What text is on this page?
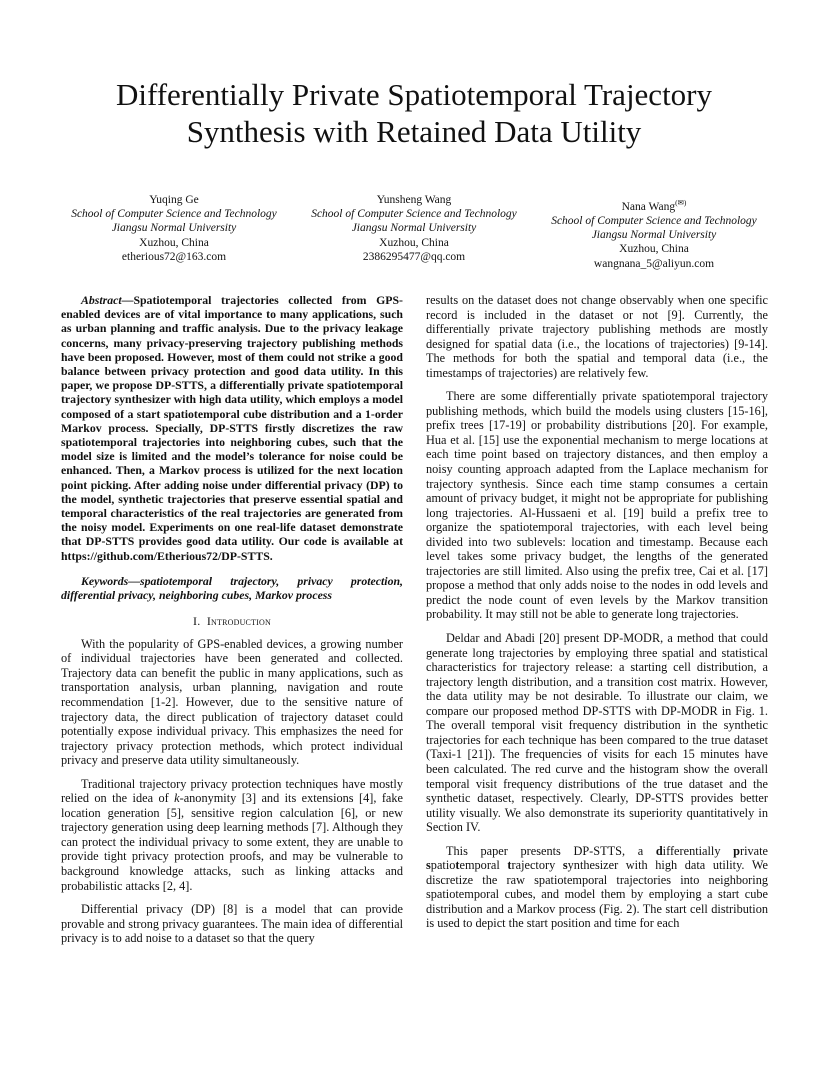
Differentially Private Spatiotemporal Trajectory
Synthesis with Retained Data Utility
Yuqing Ge
School of Computer Science and Technology
Jiangsu Normal University
Xuzhou, China
etherious72@163.com
Yunsheng Wang
School of Computer Science and Technology
Jiangsu Normal University
Xuzhou, China
2386295477@qq.com
Nana Wang(✉)
School of Computer Science and Technology
Jiangsu Normal University
Xuzhou, China
wangnana_5@aliyun.com

Abstract—Spatiotemporal trajectories collected from GPS-enabled devices are of vital importance to many applications, such as urban planning and traffic analysis. Due to the privacy leakage concerns, many privacy-preserving trajectory publishing methods have been proposed. However, most of them could not strike a good balance between privacy protection and good data utility. In this paper, we propose DP-STTS, a differentially private spatiotemporal trajectory synthesizer with high data utility, which employs a model composed of a start spatiotemporal cube distribution and a 1-order Markov process. Specially, DP-STTS firstly discretizes the raw spatiotemporal trajectories into neighboring cubes, such that the model size is limited and the model’s tolerance for noise could be enhanced. Then, a Markov process is utilized for the next location point picking. After adding noise under differential privacy (DP) to the model, synthetic trajectories that preserve essential spatial and temporal characteristics of the real trajectories are generated from the noisy model. Experiments on one real-life dataset demonstrate that DP-STTS provides good data utility. Our code is available at https://github.com/Etherious72/DP-STTS.

Keywords—spatiotemporal trajectory, privacy protection, differential privacy, neighboring cubes, Markov process

I. Introduction

With the popularity of GPS-enabled devices, a growing number of individual trajectories have been generated and collected. Trajectory data can benefit the public in many applications, such as transportation analysis, urban planning, navigation and route recommendation [1-2]. However, due to the sensitive nature of trajectory data, the direct publication of trajectory dataset could potentially expose individual privacy. This emphasizes the need for trajectory privacy protection methods, which protect individual privacy and preserve data utility simultaneously.

Traditional trajectory privacy protection techniques have mostly relied on the idea of k-anonymity [3] and its extensions [4], fake location generation [5], sensitive region calculation [6], or new trajectory generation using deep learning methods [7]. Although they can protect the individual privacy to some extent, they are unable to provide tight privacy protection proofs, and may be vulnerable to background knowledge attacks, such as linking attacks and probabilistic attacks [2, 4].

Differential privacy (DP) [8] is a model that can provide provable and strong privacy guarantees. The main idea of differential privacy is to add noise to a dataset so that the query

results on the dataset does not change observably when one specific record is included in the dataset or not [9]. Currently, the differentially private trajectory publishing methods are mostly designed for spatial data (i.e., the locations of trajectories) [9-14]. The methods for both the spatial and temporal data (i.e., the timestamps of trajectories) are relatively few.

There are some differentially private spatiotemporal trajectory publishing methods, which build the models using clusters [15-16], prefix trees [17-19] or probability distributions [20]. For example, Hua et al. [15] use the exponential mechanism to merge locations at each time point based on trajectory distances, and then employ a noisy counting approach adapted from the Laplace mechanism for trajectory synthesis. Since each time stamp consumes a certain amount of privacy budget, it might not be appropriate for publishing long trajectories. Al-Hussaeni et al. [19] build a prefix tree to organize the spatiotemporal trajectories, with each level being divided into two sublevels: location and timestamp. Because each level takes some privacy budget, the lengths of the generated trajectories are still limited. Also using the prefix tree, Cai et al. [17] propose a method that only adds noise to the nodes in odd levels and predict the node count of even levels by the Markov transition probability. It may still not be able to generate long trajectories.

Deldar and Abadi [20] present DP-MODR, a method that could generate long trajectories by employing three spatial and statistical characteristics for trajectory release: a starting cell distribution, a trajectory length distribution, and a transition cost matrix. However, the data utility may be not desirable. To illustrate our claim, we compare our proposed method DP-STTS with DP-MODR in Fig. 1. The overall temporal visit frequency distribution in the synthetic trajectories for each technique has been compared to the true dataset (Taxi-1 [21]). The frequencies of visits for each 15 minutes have been calculated. The red curve and the histogram show the overall temporal visit frequency distributions of the true dataset and the synthetic dataset, respectively. Clearly, DP-STTS provides better utility visually. We also demonstrate its superiority quantitatively in Section IV.

This paper presents DP-STTS, a differentially private spatiotemporal trajectory synthesizer with high data utility. We discretize the raw spatiotemporal trajectories into neighboring spatiotemporal cubes, and model them by employing a start cube distribution and a Markov process (Fig. 2). The start cell distribution is used to depict the start position and time for each
